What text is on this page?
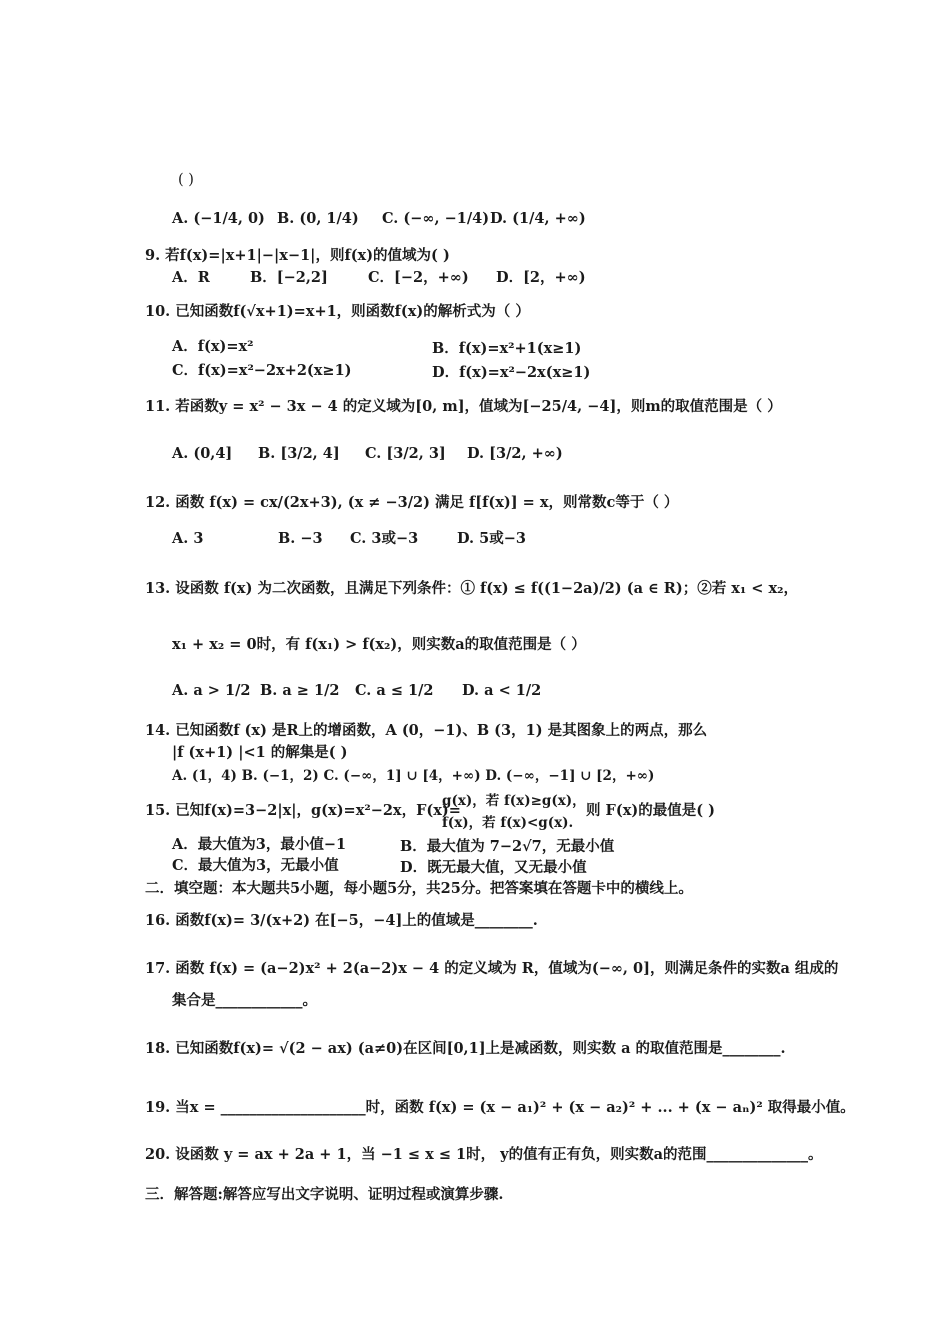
( )
A. (−1/4, 0) B. (0, 1/4) C. (−∞, −1/4) D. (1/4, +∞)
9. 若f(x)=|x+1|−|x−1|，则f(x)的值域为( )
A．R	B．[−2,2]	C．[−2，+∞) D．[2，+∞)
10. 已知函数f(√x+1)=x+1，则函数f(x)的解析式为（ ）
A．f(x)=x²	B．f(x)=x²+1(x≥1)
C．f(x)=x²−2x+2(x≥1)	D．f(x)=x²−2x(x≥1)
11. 若函数y = x² − 3x − 4 的定义域为[0, m]，值域为[−25/4, −4]，则m的取值范围是（ ）
A. (0,4] B. [3/2, 4] C. [3/2, 3] D. [3/2, +∞)
12. 函数 f(x) = cx/(2x+3), (x ≠ −3/2) 满足 f[f(x)] = x，则常数c等于（ ）
A. 3	B. −3 C. 3或−3	D. 5或−3
13. 设函数 f(x) 为二次函数，且满足下列条件：① f(x) ≤ f((1−2a)/2) (a ∈ R)；②若 x₁ < x₂，
x₁ + x₂ = 0时，有 f(x₁) > f(x₂)，则实数a的取值范围是（ ）
A. a > 1/2 B. a ≥ 1/2 C. a ≤ 1/2 D. a < 1/2
14. 已知函数f (x) 是R上的增函数，A (0，−1)、B (3，1) 是其图象上的两点，那么
|f (x+1) |<1 的解集是( )
A. (1，4) B. (−1，2) C. (−∞，1] ∪ [4，+∞) D. (−∞，−1] ∪ [2，+∞)
15. 已知f(x)=3−2|x|，g(x)=x²−2x，F(x)=
g(x)，若 f(x)≥g(x)，
f(x)，若 f(x)<g(x).
则 F(x)的最值是( )
A．最大值为3，最小值−1	B．最大值为 7−2√7，无最小值
C．最大值为3，无最小值	D．既无最大值，又无最小值
二．填空题：本大题共5小题，每小题5分，共25分。把答案填在答题卡中的横线上。
16. 函数f(x)= 3/(x+2) 在[−5，−4]上的值域是________.
17. 函数 f(x) = (a−2)x² + 2(a−2)x − 4 的定义域为 R，值域为(−∞, 0]，则满足条件的实数a 组成的
集合是____________。
18. 已知函数f(x)= √(2 − ax) (a≠0)在区间[0,1]上是减函数，则实数 a 的取值范围是________.
19. 当x = ____________________时，函数 f(x) = (x − a₁)² + (x − a₂)² + ... + (x − aₙ)² 取得最小值。
20. 设函数 y = ax + 2a + 1，当 −1 ≤ x ≤ 1时， y的值有正有负，则实数a的范围______________。
三．解答题:解答应写出文字说明、证明过程或演算步骤.
